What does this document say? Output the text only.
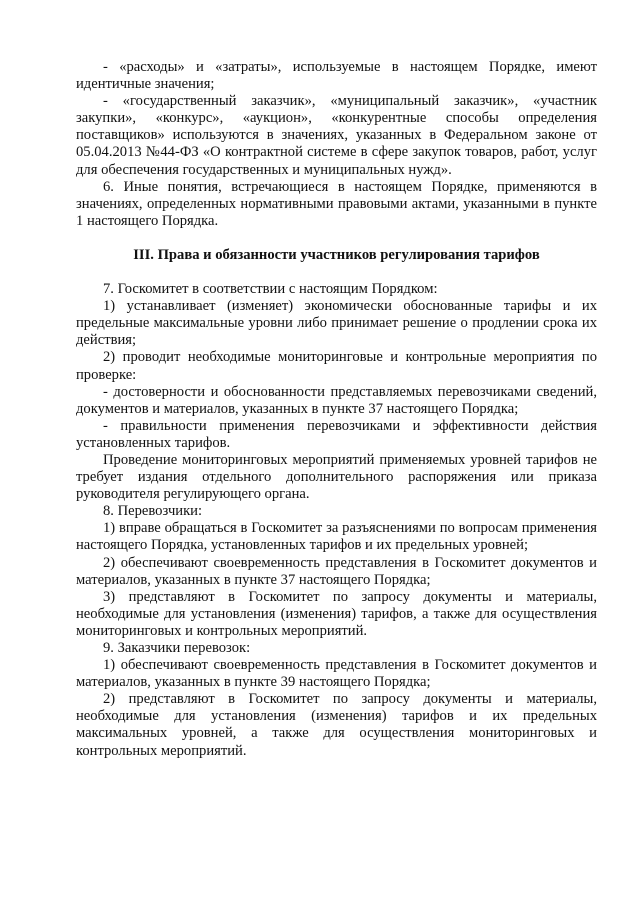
- «расходы» и «затраты», используемые в настоящем Порядке, имеют идентичные значения;

- «государственный заказчик», «муниципальный заказчик», «участник закупки», «конкурс», «аукцион», «конкурентные способы определения поставщиков» используются в значениях, указанных в Федеральном законе от 05.04.2013 №44-ФЗ «О контрактной системе в сфере закупок товаров, работ, услуг для обеспечения государственных и муниципальных нужд».

6. Иные понятия, встречающиеся в настоящем Порядке, применяются в значениях, определенных нормативными правовыми актами, указанными в пункте 1 настоящего Порядка.

III. Права и обязанности участников регулирования тарифов

7. Госкомитет в соответствии с настоящим Порядком:

1) устанавливает (изменяет) экономически обоснованные тарифы и их предельные максимальные уровни либо принимает решение о продлении срока их действия;

2) проводит необходимые мониторинговые и контрольные мероприятия по проверке:

- достоверности и обоснованности представляемых перевозчиками сведений, документов и материалов, указанных в пункте 37 настоящего Порядка;

- правильности применения перевозчиками и эффективности действия установленных тарифов.

Проведение мониторинговых мероприятий применяемых уровней тарифов не требует издания отдельного дополнительного распоряжения или приказа руководителя регулирующего органа.

8. Перевозчики:

1) вправе обращаться в Госкомитет за разъяснениями по вопросам применения настоящего Порядка, установленных тарифов и их предельных уровней;

2) обеспечивают своевременность представления в Госкомитет документов и материалов, указанных в пункте 37 настоящего Порядка;

3) представляют в Госкомитет по запросу документы и материалы, необходимые для установления (изменения) тарифов, а также для осуществления мониторинговых и контрольных мероприятий.

9. Заказчики перевозок:

1) обеспечивают своевременность представления в Госкомитет документов и материалов, указанных в пункте 39 настоящего Порядка;

2) представляют в Госкомитет по запросу документы и материалы, необходимые для установления (изменения) тарифов и их предельных максимальных уровней, а также для осуществления мониторинговых и контрольных мероприятий.
